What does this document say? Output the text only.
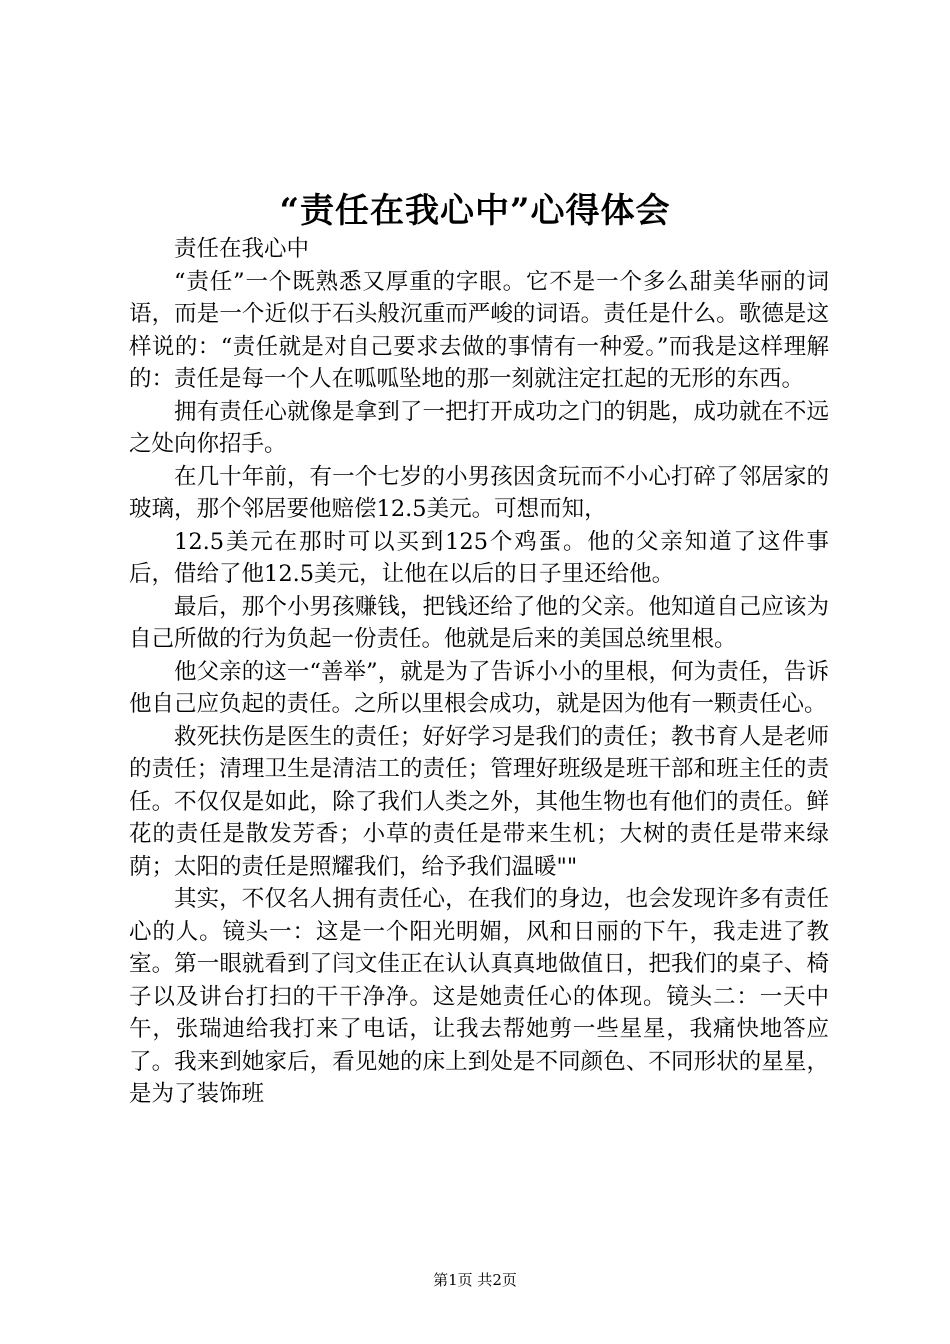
“责任在我心中”心得体会

责任在我心中

“责任”一个既熟悉又厚重的字眼。它不是一个多么甜美华丽的词语，而是一个近似于石头般沉重而严峻的词语。责任是什么。歌德是这样说的：“责任就是对自己要求去做的事情有一种爱。”而我是这样理解的：责任是每一个人在呱呱坠地的那一刻就注定扛起的无形的东西。

拥有责任心就像是拿到了一把打开成功之门的钥匙，成功就在不远之处向你招手。

在几十年前，有一个七岁的小男孩因贪玩而不小心打碎了邻居家的玻璃，那个邻居要他赔偿12.5美元。可想而知，

12.5美元在那时可以买到125个鸡蛋。他的父亲知道了这件事后，借给了他12.5美元，让他在以后的日子里还给他。

最后，那个小男孩赚钱，把钱还给了他的父亲。他知道自己应该为自己所做的行为负起一份责任。他就是后来的美国总统里根。

他父亲的这一“善举”，就是为了告诉小小的里根，何为责任，告诉他自己应负起的责任。之所以里根会成功，就是因为他有一颗责任心。

救死扶伤是医生的责任；好好学习是我们的责任；教书育人是老师的责任；清理卫生是清洁工的责任；管理好班级是班干部和班主任的责任。不仅仅是如此，除了我们人类之外，其他生物也有他们的责任。鲜花的责任是散发芳香；小草的责任是带来生机；大树的责任是带来绿荫；太阳的责任是照耀我们，给予我们温暖""

其实，不仅名人拥有责任心，在我们的身边，也会发现许多有责任心的人。镜头一：这是一个阳光明媚，风和日丽的下午，我走进了教室。第一眼就看到了闫文佳正在认认真真地做值日，把我们的桌子、椅子以及讲台打扫的干干净净。这是她责任心的体现。镜头二：一天中午，张瑞迪给我打来了电话，让我去帮她剪一些星星，我痛快地答应了。我来到她家后，看见她的床上到处是不同颜色、不同形状的星星，是为了装饰班

第1页 共2页
